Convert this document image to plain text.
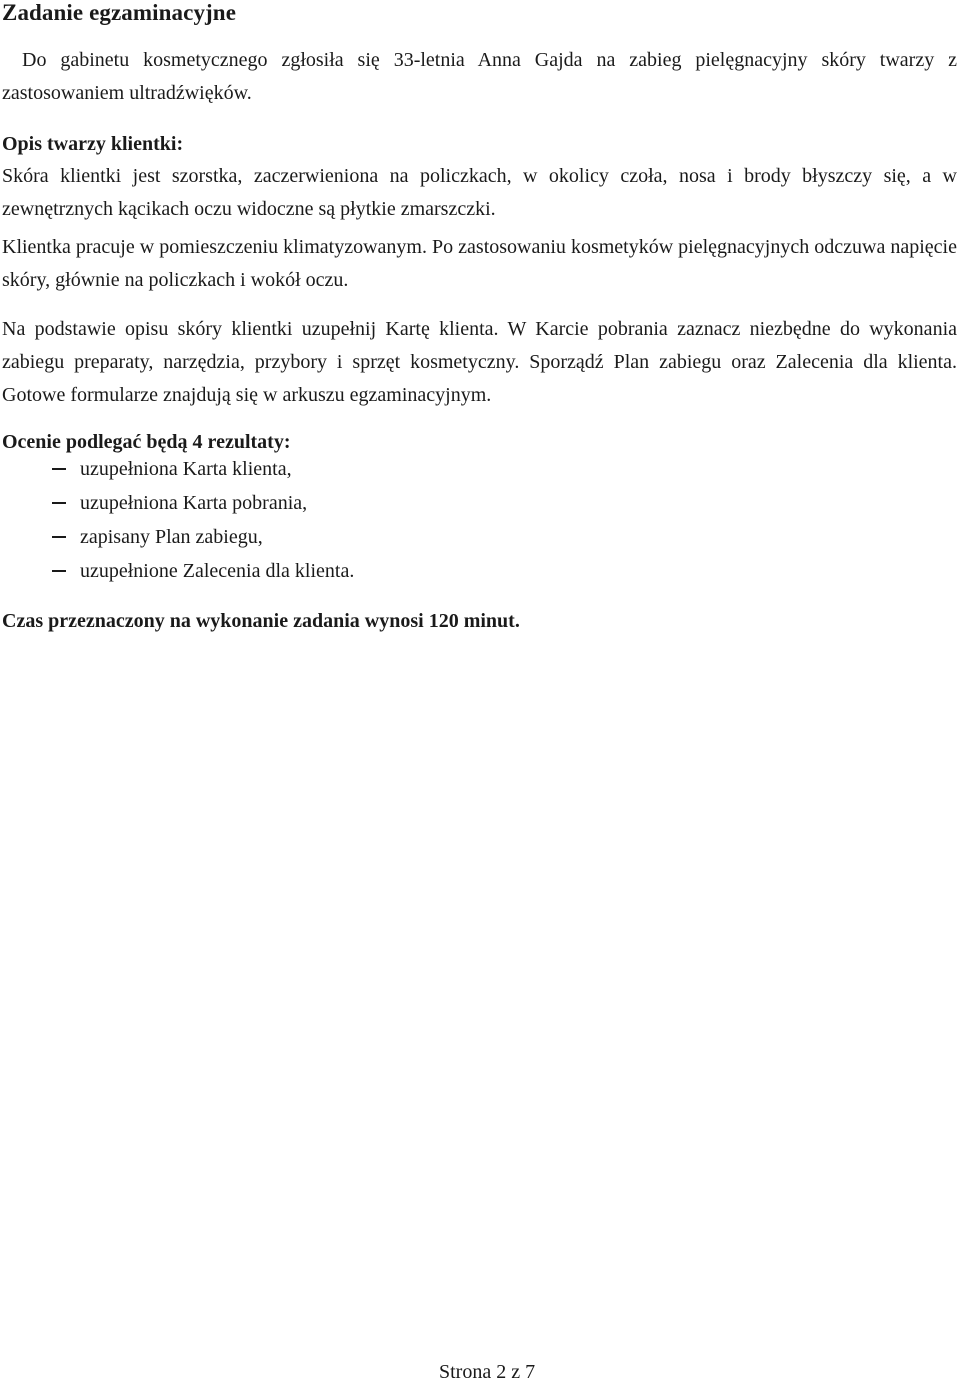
Zadanie egzaminacyjne

Do gabinetu kosmetycznego zgłosiła się 33-letnia Anna Gajda na zabieg pielęgnacyjny skóry twarzy z zastosowaniem ultradźwięków.

Opis twarzy klientki:

Skóra klientki jest szorstka, zaczerwieniona na policzkach, w okolicy czoła, nosa i brody błyszczy się, a w zewnętrznych kącikach oczu widoczne są płytkie zmarszczki.

Klientka pracuje w pomieszczeniu klimatyzowanym. Po zastosowaniu kosmetyków pielęgnacyjnych odczuwa napięcie skóry, głównie na policzkach i wokół oczu.

Na podstawie opisu skóry klientki uzupełnij Kartę klienta. W Karcie pobrania zaznacz niezbędne do wykonania zabiegu preparaty, narzędzia, przybory i sprzęt kosmetyczny. Sporządź Plan zabiegu oraz Zalecenia dla klienta. Gotowe formularze znajdują się w arkuszu egzaminacyjnym.

Ocenie podlegać będą 4 rezultaty:
uzupełniona Karta klienta,
uzupełniona Karta pobrania,
zapisany Plan zabiegu,
uzupełnione Zalecenia dla klienta.
Czas przeznaczony na wykonanie zadania wynosi 120 minut.
Strona 2 z 7
